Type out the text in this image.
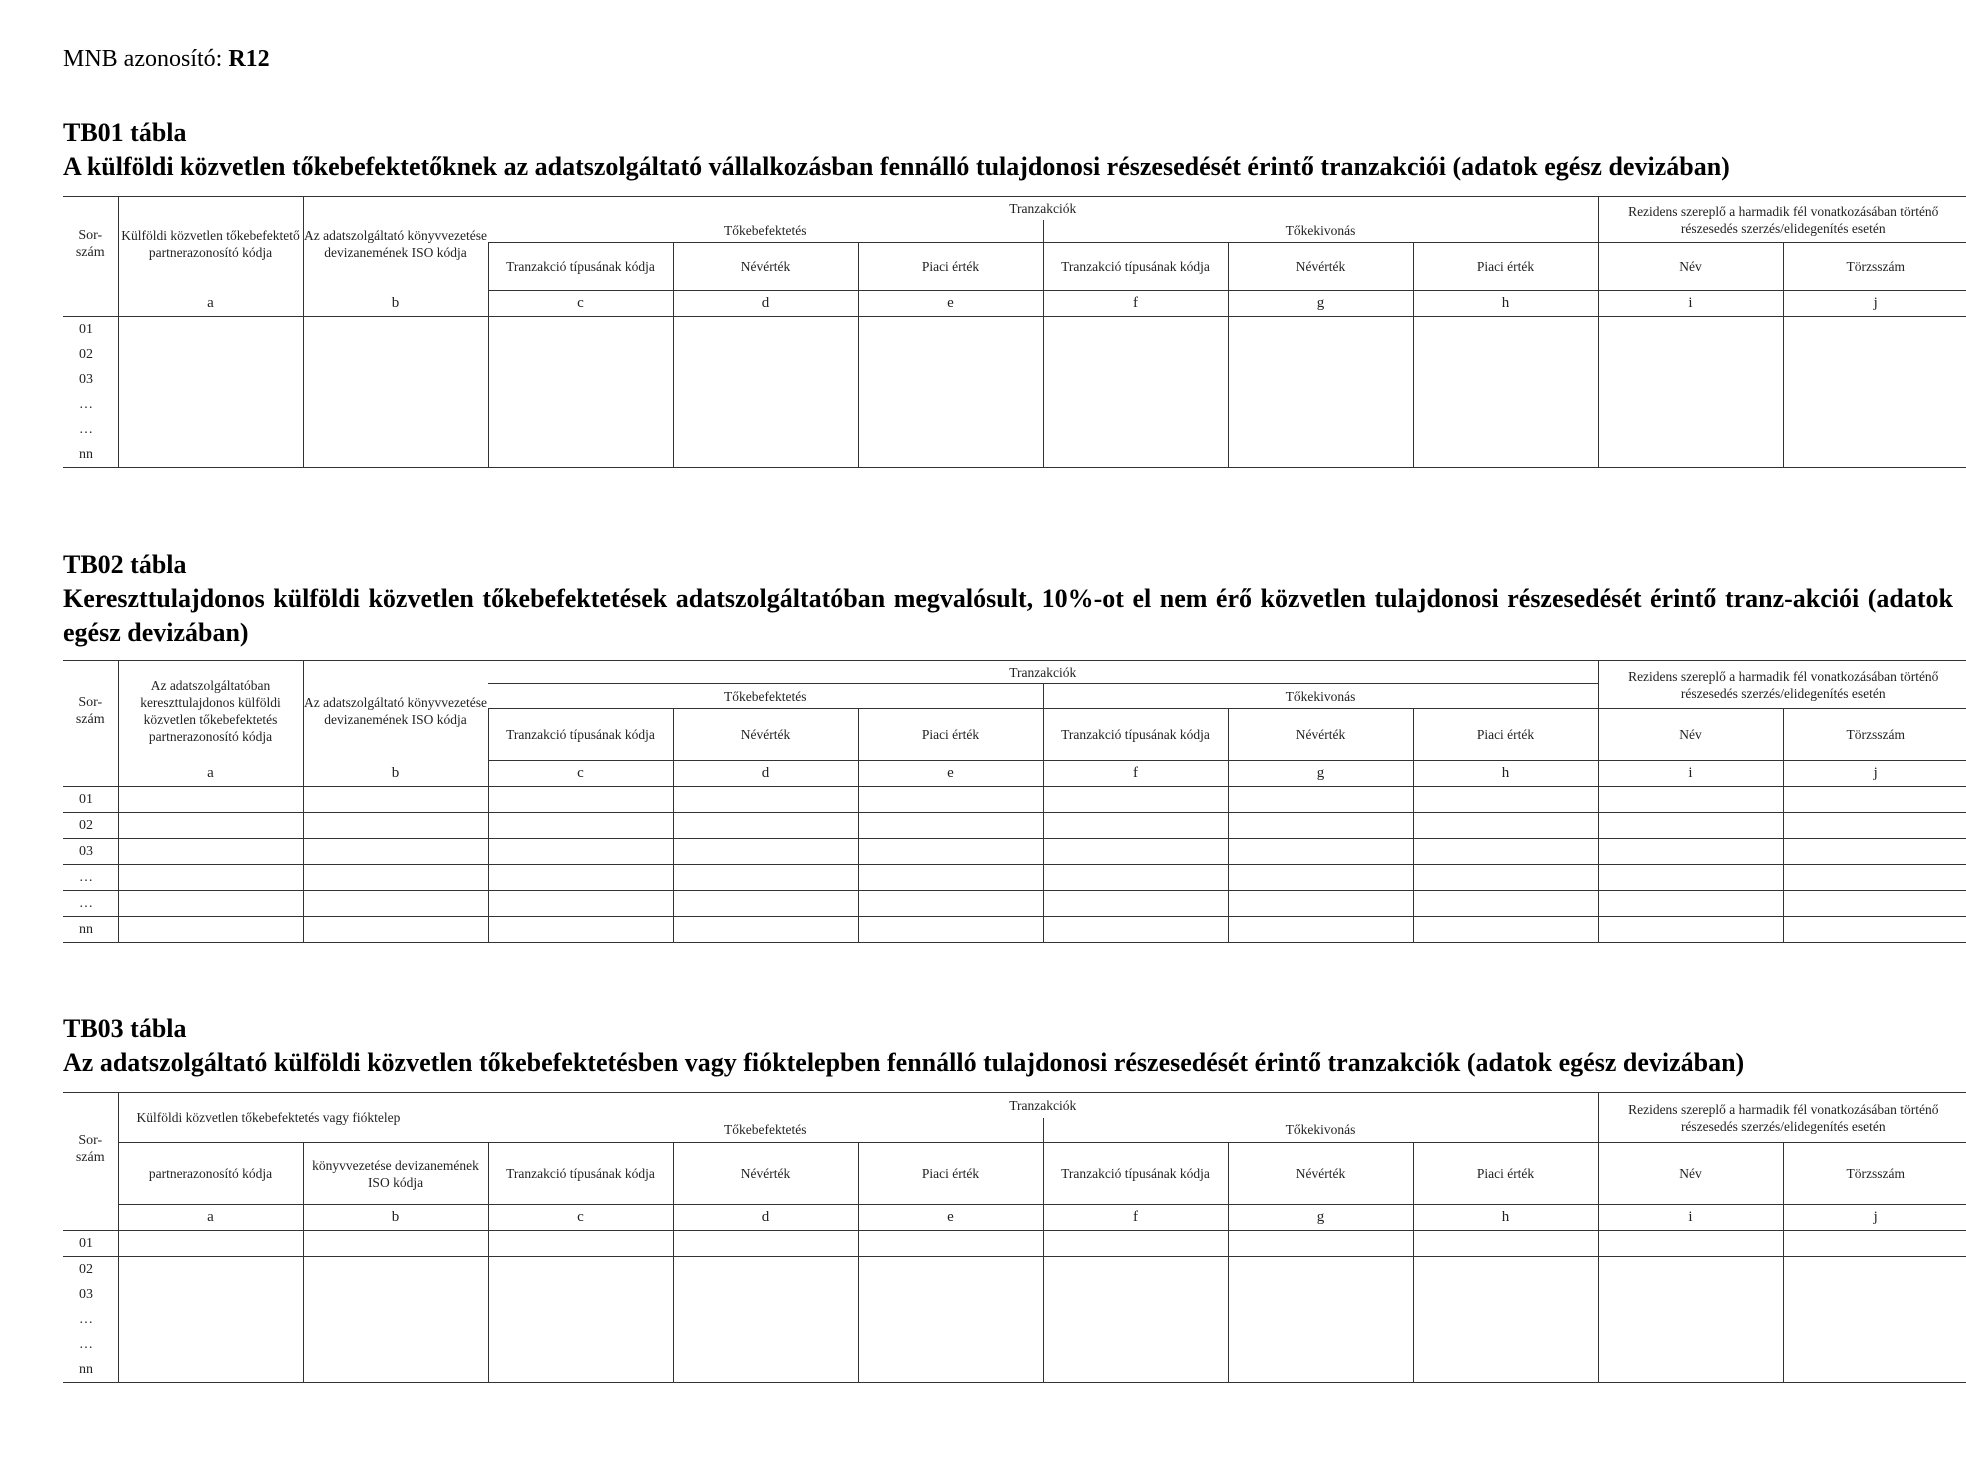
MNB azonosító: R12
TB01 tábla
A külföldi közvetlen tőkebefektetőknek az adatszolgáltató vállalkozásban fennálló tulajdonosi részesedését érintő tranzakciói (adatok egész devizában)
Sor-
szám	Külföldi közvetlen tőkebefektető partnerazonosító kódja	Az adatszolgáltató könyvvezetése devizanemének ISO kódja	Tranzakciók						Rezidens szereplő a harmadik fél vonatkozásában történő részesedés szerzés/elidegenítés esetén	
			Tőkebefektetés			Tőkekivonás				
			Tranzakció típusának kódja	Névérték	Piaci érték	Tranzakció típusának kódja	Névérték	Piaci érték	Név	Törzsszám
	a	b	c	d	e	f	g	h	i	j
01										
02										
03										
…										
…										
nn										
TB02 tábla
Kereszttulajdonos külföldi közvetlen tőkebefektetések adatszolgáltatóban megvalósult, 10%-ot el nem érő közvetlen tulajdonosi részesedését érintő tranz-akciói (adatok egész devizában)
Sor-
szám	Az adatszolgáltatóban kereszttulajdonos külföldi közvetlen tőkebefektetés partnerazonosító kódja	Az adatszolgáltató könyvvezetése devizanemének ISO kódja	Tranzakciók						Rezidens szereplő a harmadik fél vonatkozásában történő részesedés szerzés/elidegenítés esetén	
			Tőkebefektetés			Tőkekivonás				
			Tranzakció típusának kódja	Névérték	Piaci érték	Tranzakció típusának kódja	Névérték	Piaci érték	Név	Törzsszám
	a	b	c	d	e	f	g	h	i	j
01										
02										
03										
…										
…										
nn										
TB03 tábla
Az adatszolgáltató külföldi közvetlen tőkebefektetésben vagy fióktelepben fennálló tulajdonosi részesedését érintő tranzakciók (adatok egész devizában)
Sor-
szám	Külföldi közvetlen tőkebefektetés vagy fióktelep		Tranzakciók						Rezidens szereplő a harmadik fél vonatkozásában történő részesedés szerzés/elidegenítés esetén	
			Tőkebefektetés			Tőkekivonás				
	partnerazonosító kódja	könyvvezetése devizanemének ISO kódja	Tranzakció típusának kódja	Névérték	Piaci érték	Tranzakció típusának kódja	Névérték	Piaci érték	Név	Törzsszám
	a	b	c	d	e	f	g	h	i	j
01										
02										
03										
…										
…										
nn										
